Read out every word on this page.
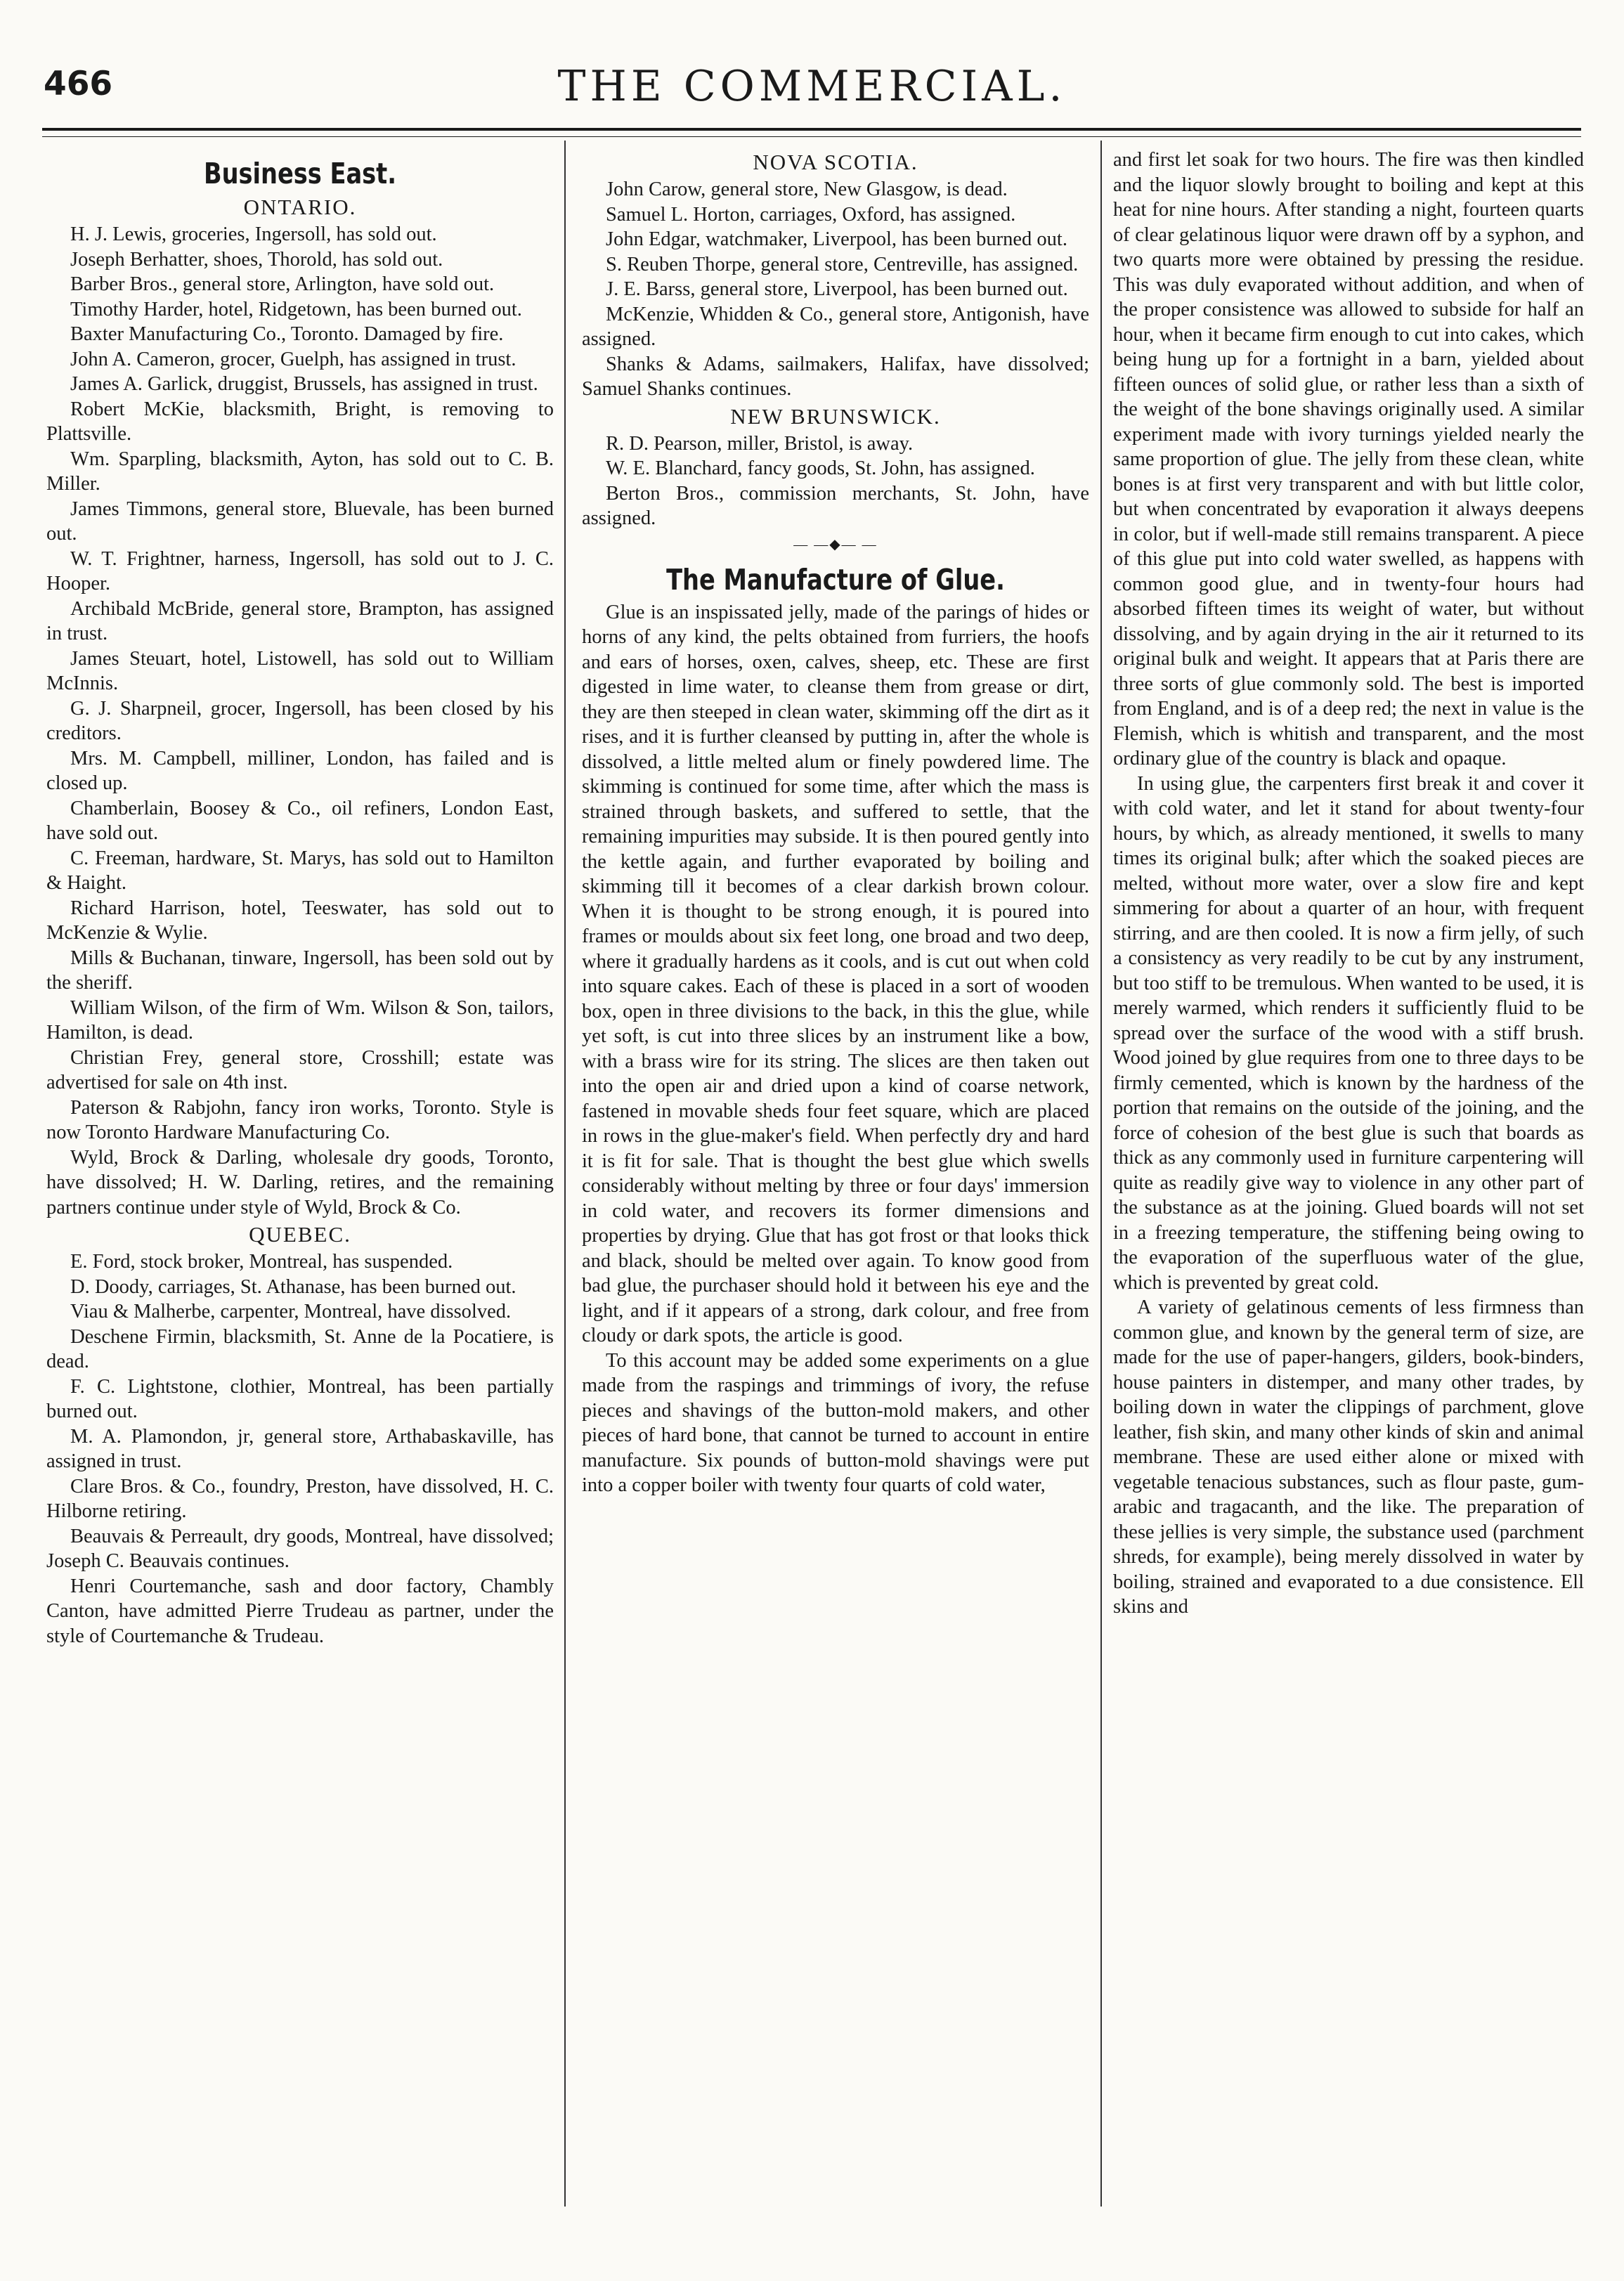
466	THE COMMERCIAL.
Business East.
ONTARIO.

H. J. Lewis, groceries, Ingersoll, has sold out.

Joseph Berhatter, shoes, Thorold, has sold out.

Barber Bros., general store, Arlington, have sold out.

Timothy Harder, hotel, Ridgetown, has been burned out.

Baxter Manufacturing Co., Toronto. Damaged by fire.

John A. Cameron, grocer, Guelph, has assigned in trust.

James A. Garlick, druggist, Brussels, has assigned in trust.

Robert McKie, blacksmith, Bright, is removing to Plattsville.

Wm. Sparpling, blacksmith, Ayton, has sold out to C. B. Miller.

James Timmons, general store, Bluevale, has been burned out.

W. T. Frightner, harness, Ingersoll, has sold out to J. C. Hooper.

Archibald McBride, general store, Brampton, has assigned in trust.

James Steuart, hotel, Listowell, has sold out to William McInnis.

G. J. Sharpneil, grocer, Ingersoll, has been closed by his creditors.

Mrs. M. Campbell, milliner, London, has failed and is closed up.

Chamberlain, Boosey & Co., oil refiners, London East, have sold out.

C. Freeman, hardware, St. Marys, has sold out to Hamilton & Haight.

Richard Harrison, hotel, Teeswater, has sold out to McKenzie & Wylie.

Mills & Buchanan, tinware, Ingersoll, has been sold out by the sheriff.

William Wilson, of the firm of Wm. Wilson & Son, tailors, Hamilton, is dead.

Christian Frey, general store, Crosshill; estate was advertised for sale on 4th inst.

Paterson & Rabjohn, fancy iron works, Toronto. Style is now Toronto Hardware Manufacturing Co.

Wyld, Brock & Darling, wholesale dry goods, Toronto, have dissolved; H. W. Darling, retires, and the remaining partners continue under style of Wyld, Brock & Co.

QUEBEC.

E. Ford, stock broker, Montreal, has suspended.

D. Doody, carriages, St. Athanase, has been burned out.

Viau & Malherbe, carpenter, Montreal, have dissolved.

Deschene Firmin, blacksmith, St. Anne de la Pocatiere, is dead.

F. C. Lightstone, clothier, Montreal, has been partially burned out.

M. A. Plamondon, jr, general store, Arthabaskaville, has assigned in trust.

Clare Bros. & Co., foundry, Preston, have dissolved, H. C. Hilborne retiring.

Beauvais & Perreault, dry goods, Montreal, have dissolved; Joseph C. Beauvais continues.

Henri Courtemanche, sash and door factory, Chambly Canton, have admitted Pierre Trudeau as partner, under the style of Courtemanche & Trudeau.

NOVA SCOTIA.

John Carow, general store, New Glasgow, is dead.

Samuel L. Horton, carriages, Oxford, has assigned.

John Edgar, watchmaker, Liverpool, has been burned out.

S. Reuben Thorpe, general store, Centreville, has assigned.

J. E. Barss, general store, Liverpool, has been burned out.

McKenzie, Whidden & Co., general store, Antigonish, have assigned.

Shanks & Adams, sailmakers, Halifax, have dissolved; Samuel Shanks continues.

NEW BRUNSWICK.

R. D. Pearson, miller, Bristol, is away.

W. E. Blanchard, fancy goods, St. John, has assigned.

Berton Bros., commission merchants, St. John, have assigned.

— —◆— —
The Manufacture of Glue.

Glue is an inspissated jelly, made of the parings of hides or horns of any kind, the pelts obtained from furriers, the hoofs and ears of horses, oxen, calves, sheep, etc. These are first digested in lime water, to cleanse them from grease or dirt, they are then steeped in clean water, skimming off the dirt as it rises, and it is further cleansed by putting in, after the whole is dissolved, a little melted alum or finely powdered lime. The skimming is continued for some time, after which the mass is strained through baskets, and suffered to settle, that the remaining impurities may subside. It is then poured gently into the kettle again, and further evaporated by boiling and skimming till it becomes of a clear darkish brown colour. When it is thought to be strong enough, it is poured into frames or moulds about six feet long, one broad and two deep, where it gradually hardens as it cools, and is cut out when cold into square cakes. Each of these is placed in a sort of wooden box, open in three divisions to the back, in this the glue, while yet soft, is cut into three slices by an instrument like a bow, with a brass wire for its string. The slices are then taken out into the open air and dried upon a kind of coarse network, fastened in movable sheds four feet square, which are placed in rows in the glue-maker's field. When perfectly dry and hard it is fit for sale. That is thought the best glue which swells considerably without melting by three or four days' immersion in cold water, and recovers its former dimensions and properties by drying. Glue that has got frost or that looks thick and black, should be melted over again. To know good from bad glue, the purchaser should hold it between his eye and the light, and if it appears of a strong, dark colour, and free from cloudy or dark spots, the article is good.

To this account may be added some experiments on a glue made from the raspings and trimmings of ivory, the refuse pieces and shavings of the button-mold makers, and other pieces of hard bone, that cannot be turned to account in entire manufacture. Six pounds of button-mold shavings were put into a copper boiler with twenty four quarts of cold water,

and first let soak for two hours. The fire was then kindled and the liquor slowly brought to boiling and kept at this heat for nine hours. After standing a night, fourteen quarts of clear gelatinous liquor were drawn off by a syphon, and two quarts more were obtained by pressing the residue. This was duly evaporated without addition, and when of the proper consistence was allowed to subside for half an hour, when it became firm enough to cut into cakes, which being hung up for a fortnight in a barn, yielded about fifteen ounces of solid glue, or rather less than a sixth of the weight of the bone shavings originally used. A similar experiment made with ivory turnings yielded nearly the same proportion of glue. The jelly from these clean, white bones is at first very transparent and with but little color, but when concentrated by evaporation it always deepens in color, but if well-made still remains transparent. A piece of this glue put into cold water swelled, as happens with common good glue, and in twenty-four hours had absorbed fifteen times its weight of water, but without dissolving, and by again drying in the air it returned to its original bulk and weight. It appears that at Paris there are three sorts of glue commonly sold. The best is imported from England, and is of a deep red; the next in value is the Flemish, which is whitish and transparent, and the most ordinary glue of the country is black and opaque.

In using glue, the carpenters first break it and cover it with cold water, and let it stand for about twenty-four hours, by which, as already mentioned, it swells to many times its original bulk; after which the soaked pieces are melted, without more water, over a slow fire and kept simmering for about a quarter of an hour, with frequent stirring, and are then cooled. It is now a firm jelly, of such a consistency as very readily to be cut by any instrument, but too stiff to be tremulous. When wanted to be used, it is merely warmed, which renders it sufficiently fluid to be spread over the surface of the wood with a stiff brush. Wood joined by glue requires from one to three days to be firmly cemented, which is known by the hardness of the portion that remains on the outside of the joining, and the force of cohesion of the best glue is such that boards as thick as any commonly used in furniture carpentering will quite as readily give way to violence in any other part of the substance as at the joining. Glued boards will not set in a freezing temperature, the stiffening being owing to the evaporation of the superfluous water of the glue, which is prevented by great cold.

A variety of gelatinous cements of less firmness than common glue, and known by the general term of size, are made for the use of paper-hangers, gilders, book-binders, house painters in distemper, and many other trades, by boiling down in water the clippings of parchment, glove leather, fish skin, and many other kinds of skin and animal membrane. These are used either alone or mixed with vegetable tenacious substances, such as flour paste, gum-arabic and tragacanth, and the like. The preparation of these jellies is very simple, the substance used (parchment shreds, for example), being merely dissolved in water by boiling, strained and evaporated to a due consistence. Ell skins and
